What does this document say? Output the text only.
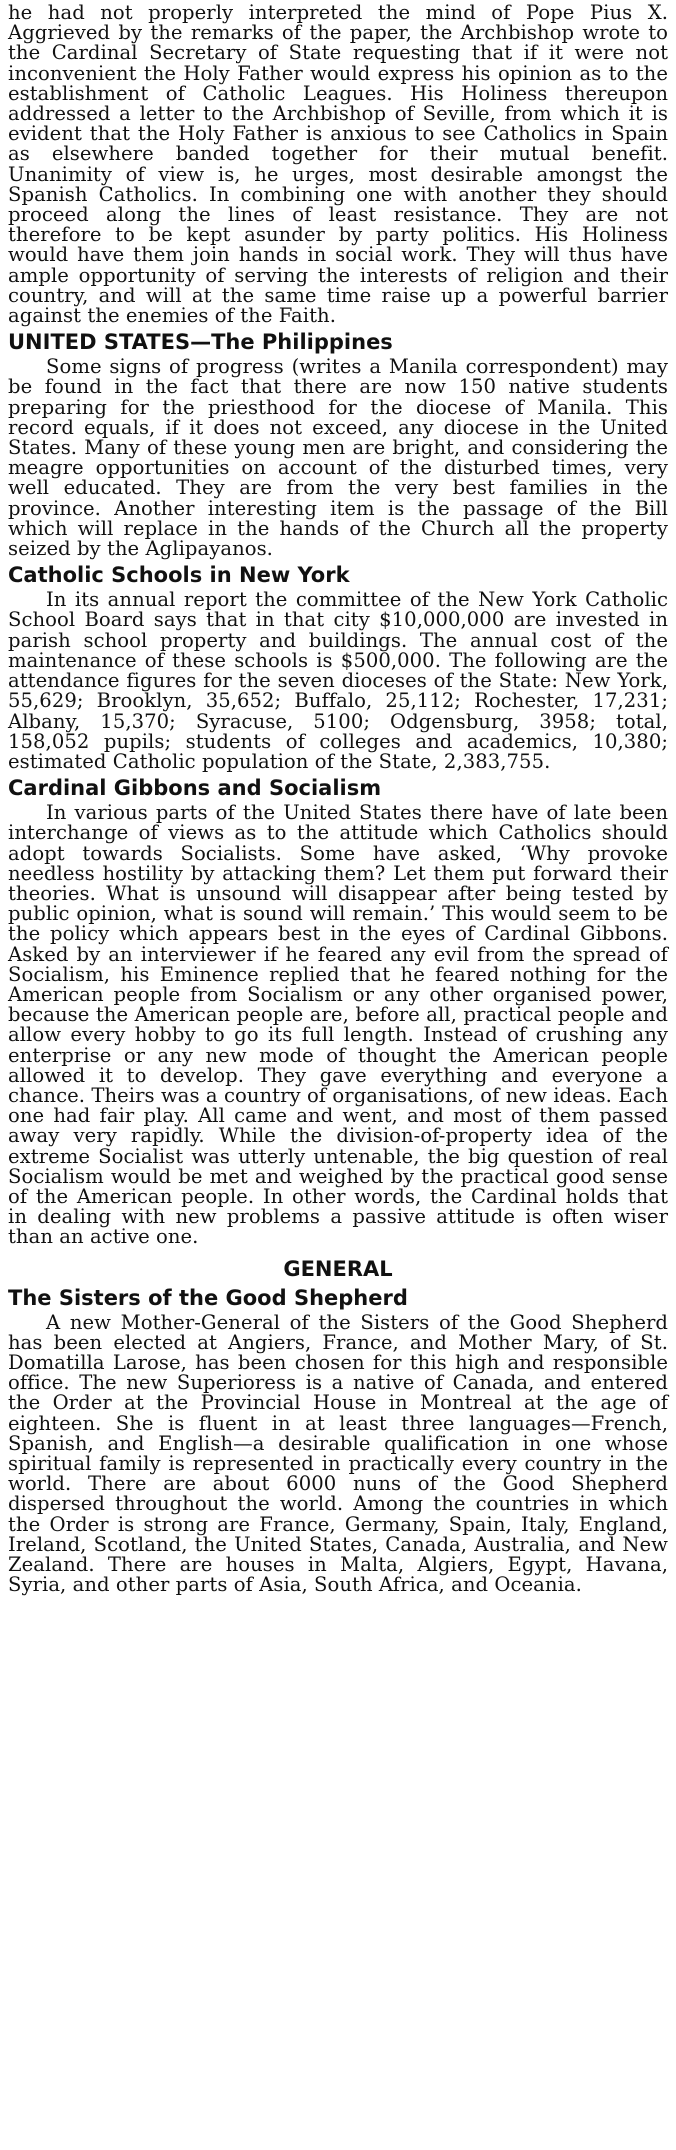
he had not properly interpreted the mind of Pope Pius X. Aggrieved by the remarks of the paper, the Archbishop wrote to the Cardinal Secretary of State requesting that if it were not inconvenient the Holy Father would express his opinion as to the establishment of Catholic Leagues. His Holiness thereupon addressed a letter to the Archbishop of Seville, from which it is evident that the Holy Father is anxious to see Catholics in Spain as elsewhere banded together for their mutual benefit. Unanimity of view is, he urges, most desirable amongst the Spanish Catholics. In combining one with another they should proceed along the lines of least resistance. They are not therefore to be kept asunder by party politics. His Holiness would have them join hands in social work. They will thus have ample opportunity of serving the interests of religion and their country, and will at the same time raise up a powerful barrier against the enemies of the Faith.

UNITED STATES—The Philippines

Some signs of progress (writes a Manila correspondent) may be found in the fact that there are now 150 native students preparing for the priesthood for the diocese of Manila. This record equals, if it does not exceed, any diocese in the United States. Many of these young men are bright, and considering the meagre opportunities on account of the disturbed times, very well educated. They are from the very best families in the province. Another interesting item is the passage of the Bill which will replace in the hands of the Church all the property seized by the Aglipayanos.

Catholic Schools in New York

In its annual report the committee of the New York Catholic School Board says that in that city $10,000,000 are invested in parish school property and buildings. The annual cost of the maintenance of these schools is $500,000. The following are the attendance figures for the seven dioceses of the State: New York, 55,629; Brooklyn, 35,652; Buffalo, 25,112; Rochester, 17,231; Albany, 15,370; Syracuse, 5100; Odgensburg, 3958; total, 158,052 pupils; students of colleges and academics, 10,380; estimated Catholic population of the State, 2,383,755.

Cardinal Gibbons and Socialism

In various parts of the United States there have of late been interchange of views as to the attitude which Catholics should adopt towards Socialists. Some have asked, ‘Why provoke needless hostility by attacking them? Let them put forward their theories. What is unsound will disappear after being tested by public opinion, what is sound will remain.’ This would seem to be the policy which appears best in the eyes of Cardinal Gibbons. Asked by an interviewer if he feared any evil from the spread of Socialism, his Eminence replied that he feared nothing for the American people from Socialism or any other organised power, because the American people are, before all, practical people and allow every hobby to go its full length. Instead of crushing any enterprise or any new mode of thought the American people allowed it to develop. They gave everything and everyone a chance. Theirs was a country of organisations, of new ideas. Each one had fair play. All came and went, and most of them passed away very rapidly. While the division-of-property idea of the extreme Socialist was utterly untenable, the big question of real Socialism would be met and weighed by the practical good sense of the American people. In other words, the Cardinal holds that in dealing with new problems a passive attitude is often wiser than an active one.

GENERAL
The Sisters of the Good Shepherd

A new Mother-General of the Sisters of the Good Shepherd has been elected at Angiers, France, and Mother Mary, of St. Domatilla Larose, has been chosen for this high and responsible office. The new Superioress is a native of Canada, and entered the Order at the Provincial House in Montreal at the age of eighteen. She is fluent in at least three languages—French, Spanish, and English—a desirable qualification in one whose spiritual family is represented in practically every country in the world. There are about 6000 nuns of the Good Shepherd dispersed throughout the world. Among the countries in which the Order is strong are France, Germany, Spain, Italy, England, Ireland, Scotland, the United States, Canada, Australia, and New Zealand. There are houses in Malta, Algiers, Egypt, Havana, Syria, and other parts of Asia, South Africa, and Oceania.
